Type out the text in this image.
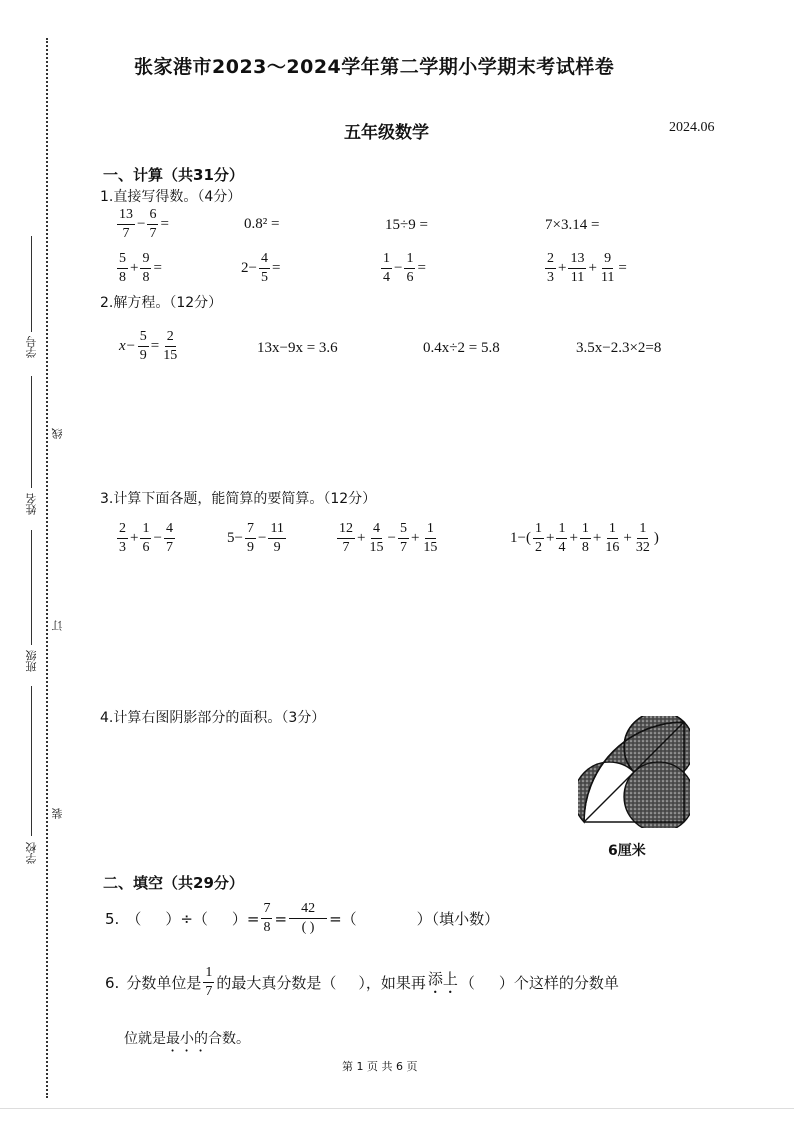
学号
姓名
班级
学校
线
订
装
张家港市2023～2024学年第二学期小学期末考试样卷
五年级数学	2024.06
一、计算（共31分）
1.直接写得数。（4分）
$\frac{13}{7} - \frac{6}{7}$ =	0.8² =	15÷9 =	7×3.14 =
$\frac{5}{8} + \frac{9}{8}$ =	$2- \frac{4}{5}$ =	$\frac{1}{4} - \frac{1}{6}$ =	$\frac{2}{3} + \frac{13}{11} + \frac{9}{11}$ =
2.解方程。（12分）
$x- \frac{5}{9} = \frac{2}{15}$	13x−9x = 3.6	0.4x÷2 = 5.8	3.5x−2.3×2=8
3.计算下面各题，能简算的要简算。（12分）
$\frac{2}{3} + \frac{1}{6} - \frac{4}{7}$	$5- \frac{7}{9} - \frac{11}{9}$	$\frac{12}{7} + \frac{4}{15} - \frac{5}{7} + \frac{1}{15}$	$1-( \frac{1}{2} + \frac{1}{4} + \frac{1}{8} + \frac{1}{16} + \frac{1}{32}$ )
4.计算右图阴影部分的面积。（3分）
6厘米
二、填空（共29分）
5. （ ）÷（ ）= $\frac{7}{8} = \frac{42}{( )}$ =（	）（填小数）
6. 分数单位是 $\frac{1}{7}$ 的最大真分数是（ ），如果再 添上 （ ）个这样的分数单
位就是最小的合数。
第 1 页 共 6 页
